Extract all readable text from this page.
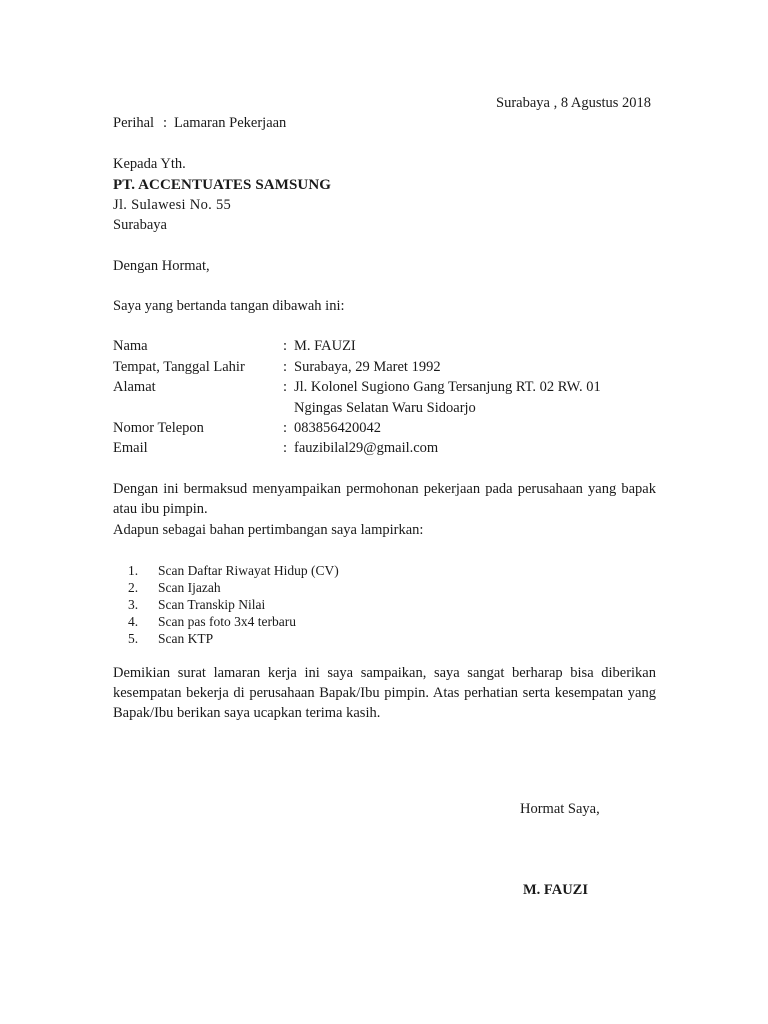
Surabaya , 8 Agustus 2018
Perihal : Lamaran Pekerjaan
Kepada Yth.
PT. ACCENTUATES SAMSUNG
Jl. Sulawesi No. 55
Surabaya
Dengan Hormat,
Saya yang bertanda tangan dibawah ini:
Nama	: M. FAUZI
Tempat, Tanggal Lahir	: Surabaya, 29 Maret 1992
Alamat	: Jl. Kolonel Sugiono Gang Tersanjung RT. 02 RW. 01
Ngingas Selatan Waru Sidoarjo
Nomor Telepon	: 083856420042
Email	: fauzibilal29@gmail.com
Dengan ini bermaksud menyampaikan permohonan pekerjaan pada perusahaan yang bapak atau ibu pimpin.
Adapun sebagai bahan pertimbangan saya lampirkan:
1. Scan Daftar Riwayat Hidup (CV)
2. Scan Ijazah
3. Scan Transkip Nilai
4. Scan pas foto 3x4 terbaru
5. Scan KTP
Demikian surat lamaran kerja ini saya sampaikan, saya sangat berharap bisa diberikan kesempatan bekerja di perusahaan Bapak/Ibu pimpin. Atas perhatian serta kesempatan yang Bapak/Ibu berikan saya ucapkan terima kasih.
Hormat Saya,
M. FAUZI
